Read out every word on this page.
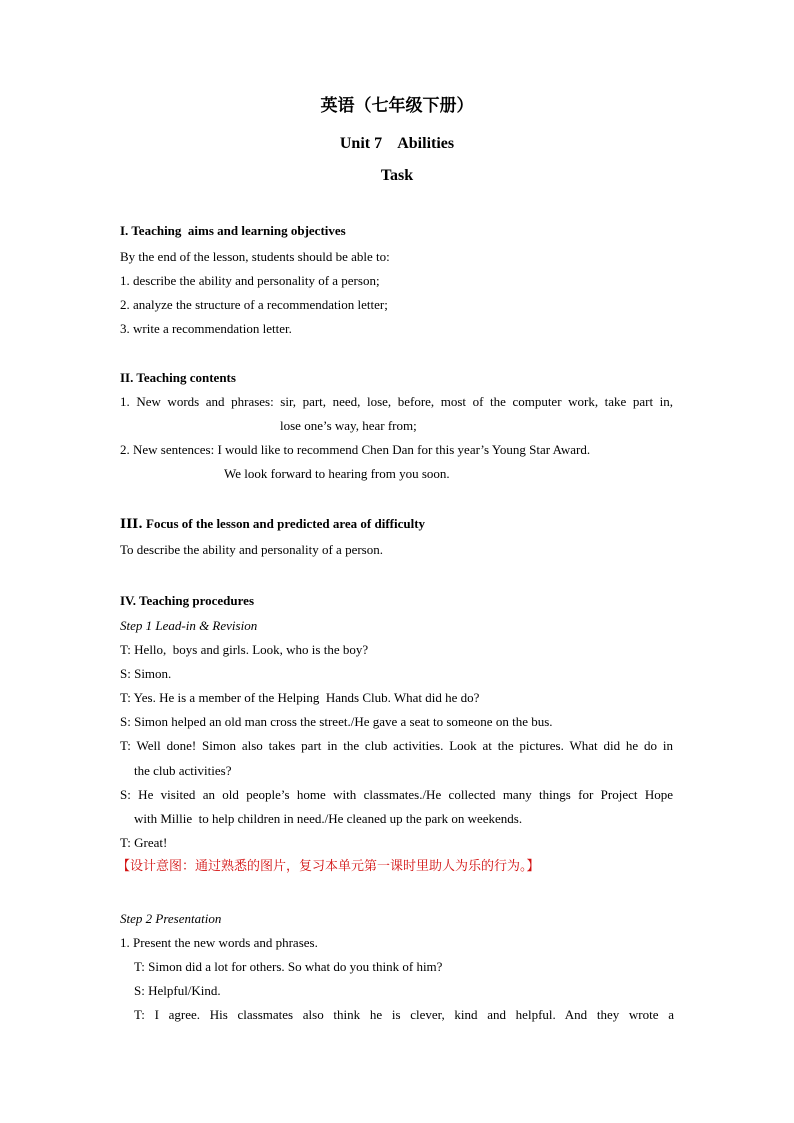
英语（七年级下册）
Unit 7    Abilities
Task
I. Teaching  aims and learning objectives
By the end of the lesson, students should be able to:
1. describe the ability and personality of a person;
2. analyze the structure of a recommendation letter;
3. write a recommendation letter.
II. Teaching contents
1. New words and phrases: sir, part, need, lose, before, most of the computer work, take part in,
lose one’s way, hear from;
2. New sentences: I would like to recommend Chen Dan for this year’s Young Star Award.
We look forward to hearing from you soon.
III. Focus of the lesson and predicted area of difficulty
To describe the ability and personality of a person.
IV. Teaching procedures
Step 1 Lead-in & Revision
T: Hello,  boys and girls. Look, who is the boy?
S: Simon.
T: Yes. He is a member of the Helping  Hands Club. What did he do?
S: Simon helped an old man cross the street./He gave a seat to someone on the bus.
T: Well done! Simon also takes part in the club activities. Look at the pictures. What did he do in
the club activities?
S: He visited an old people’s home with classmates./He collected many things for Project Hope
with Millie  to help children in need./He cleaned up the park on weekends.
T: Great!
【设计意图：通过熟悉的图片，复习本单元第一课时里助人为乐的行为。】
Step 2 Presentation
1. Present the new words and phrases.
T: Simon did a lot for others. So what do you think of him?
S: Helpful/Kind.
T: I agree. His classmates also think he is clever, kind and helpful. And they wrote a
